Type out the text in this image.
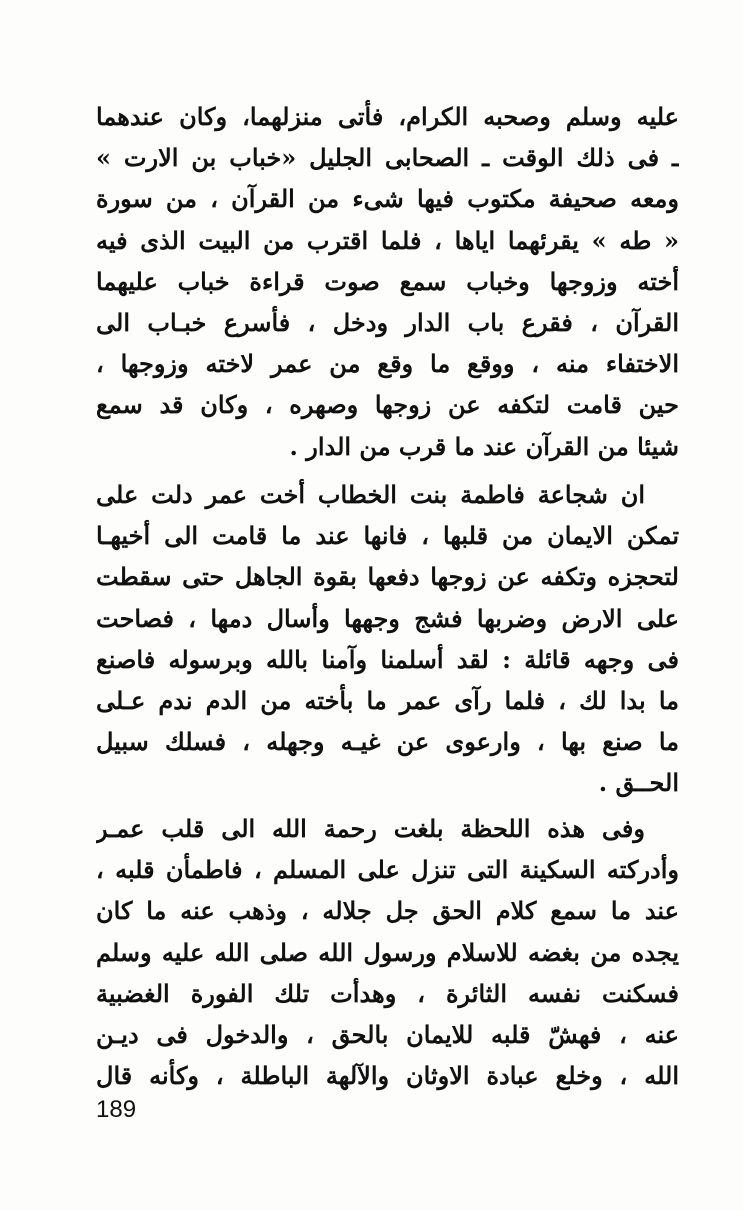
عليه وسلم وصحبه الكرام، فأتى منزلهما، وكان عندهما
ـ فى ذلك الوقت ـ الصحابى الجليل «خباب بن الارت »
ومعه صحيفة مكتوب فيها شىء من القرآن ، من سورة
« طه » يقرئهما اياها ، فلما اقترب من البيت الذى فيه
أخته وزوجها وخباب سمع صوت قراءة خباب عليهما
القرآن ، فقرع باب الدار ودخل ، فأسرع خبـاب الى
الاختفاء منه ، ووقع ما وقع من عمر لاخته وزوجها ،
حين قامت لتكفه عن زوجها وصهره ، وكان قد سمع
شيئا من القرآن عند ما قرب من الدار .
ان شجاعة فاطمة بنت الخطاب أخت عمر دلت على
تمكن الايمان من قلبها ، فانها عند ما قامت الى أخيهـا
لتحجزه وتكفه عن زوجها دفعها بقوة الجاهل حتى سقطت
على الارض وضربها فشج وجهها وأسال دمها ، فصاحت
فى وجهه قائلة : لقد أسلمنا وآمنا بالله وبرسوله فاصنع
ما بدا لك ، فلما رآى عمر ما بأخته من الدم ندم عـلى
ما صنع بها ، وارعوى عن غيـه وجهله ، فسلك سبيل
الحــق .
وفى هذه اللحظة بلغت رحمة الله الى قلب عمـر
وأدركته السكينة التى تنزل على المسلم ، فاطمأن قلبه ،
عند ما سمع كلام الحق جل جلاله ، وذهب عنه ما كان
يجده من بغضه للاسلام ورسول الله صلى الله عليه وسلم
فسكنت نفسه الثائرة ، وهدأت تلك الفورة الغضبية
عنه ، فهشّ قلبه للايمان بالحق ، والدخول فى ديـن
الله ، وخلع عبادة الاوثان والآلهة الباطلة ، وكأنه قال
189
